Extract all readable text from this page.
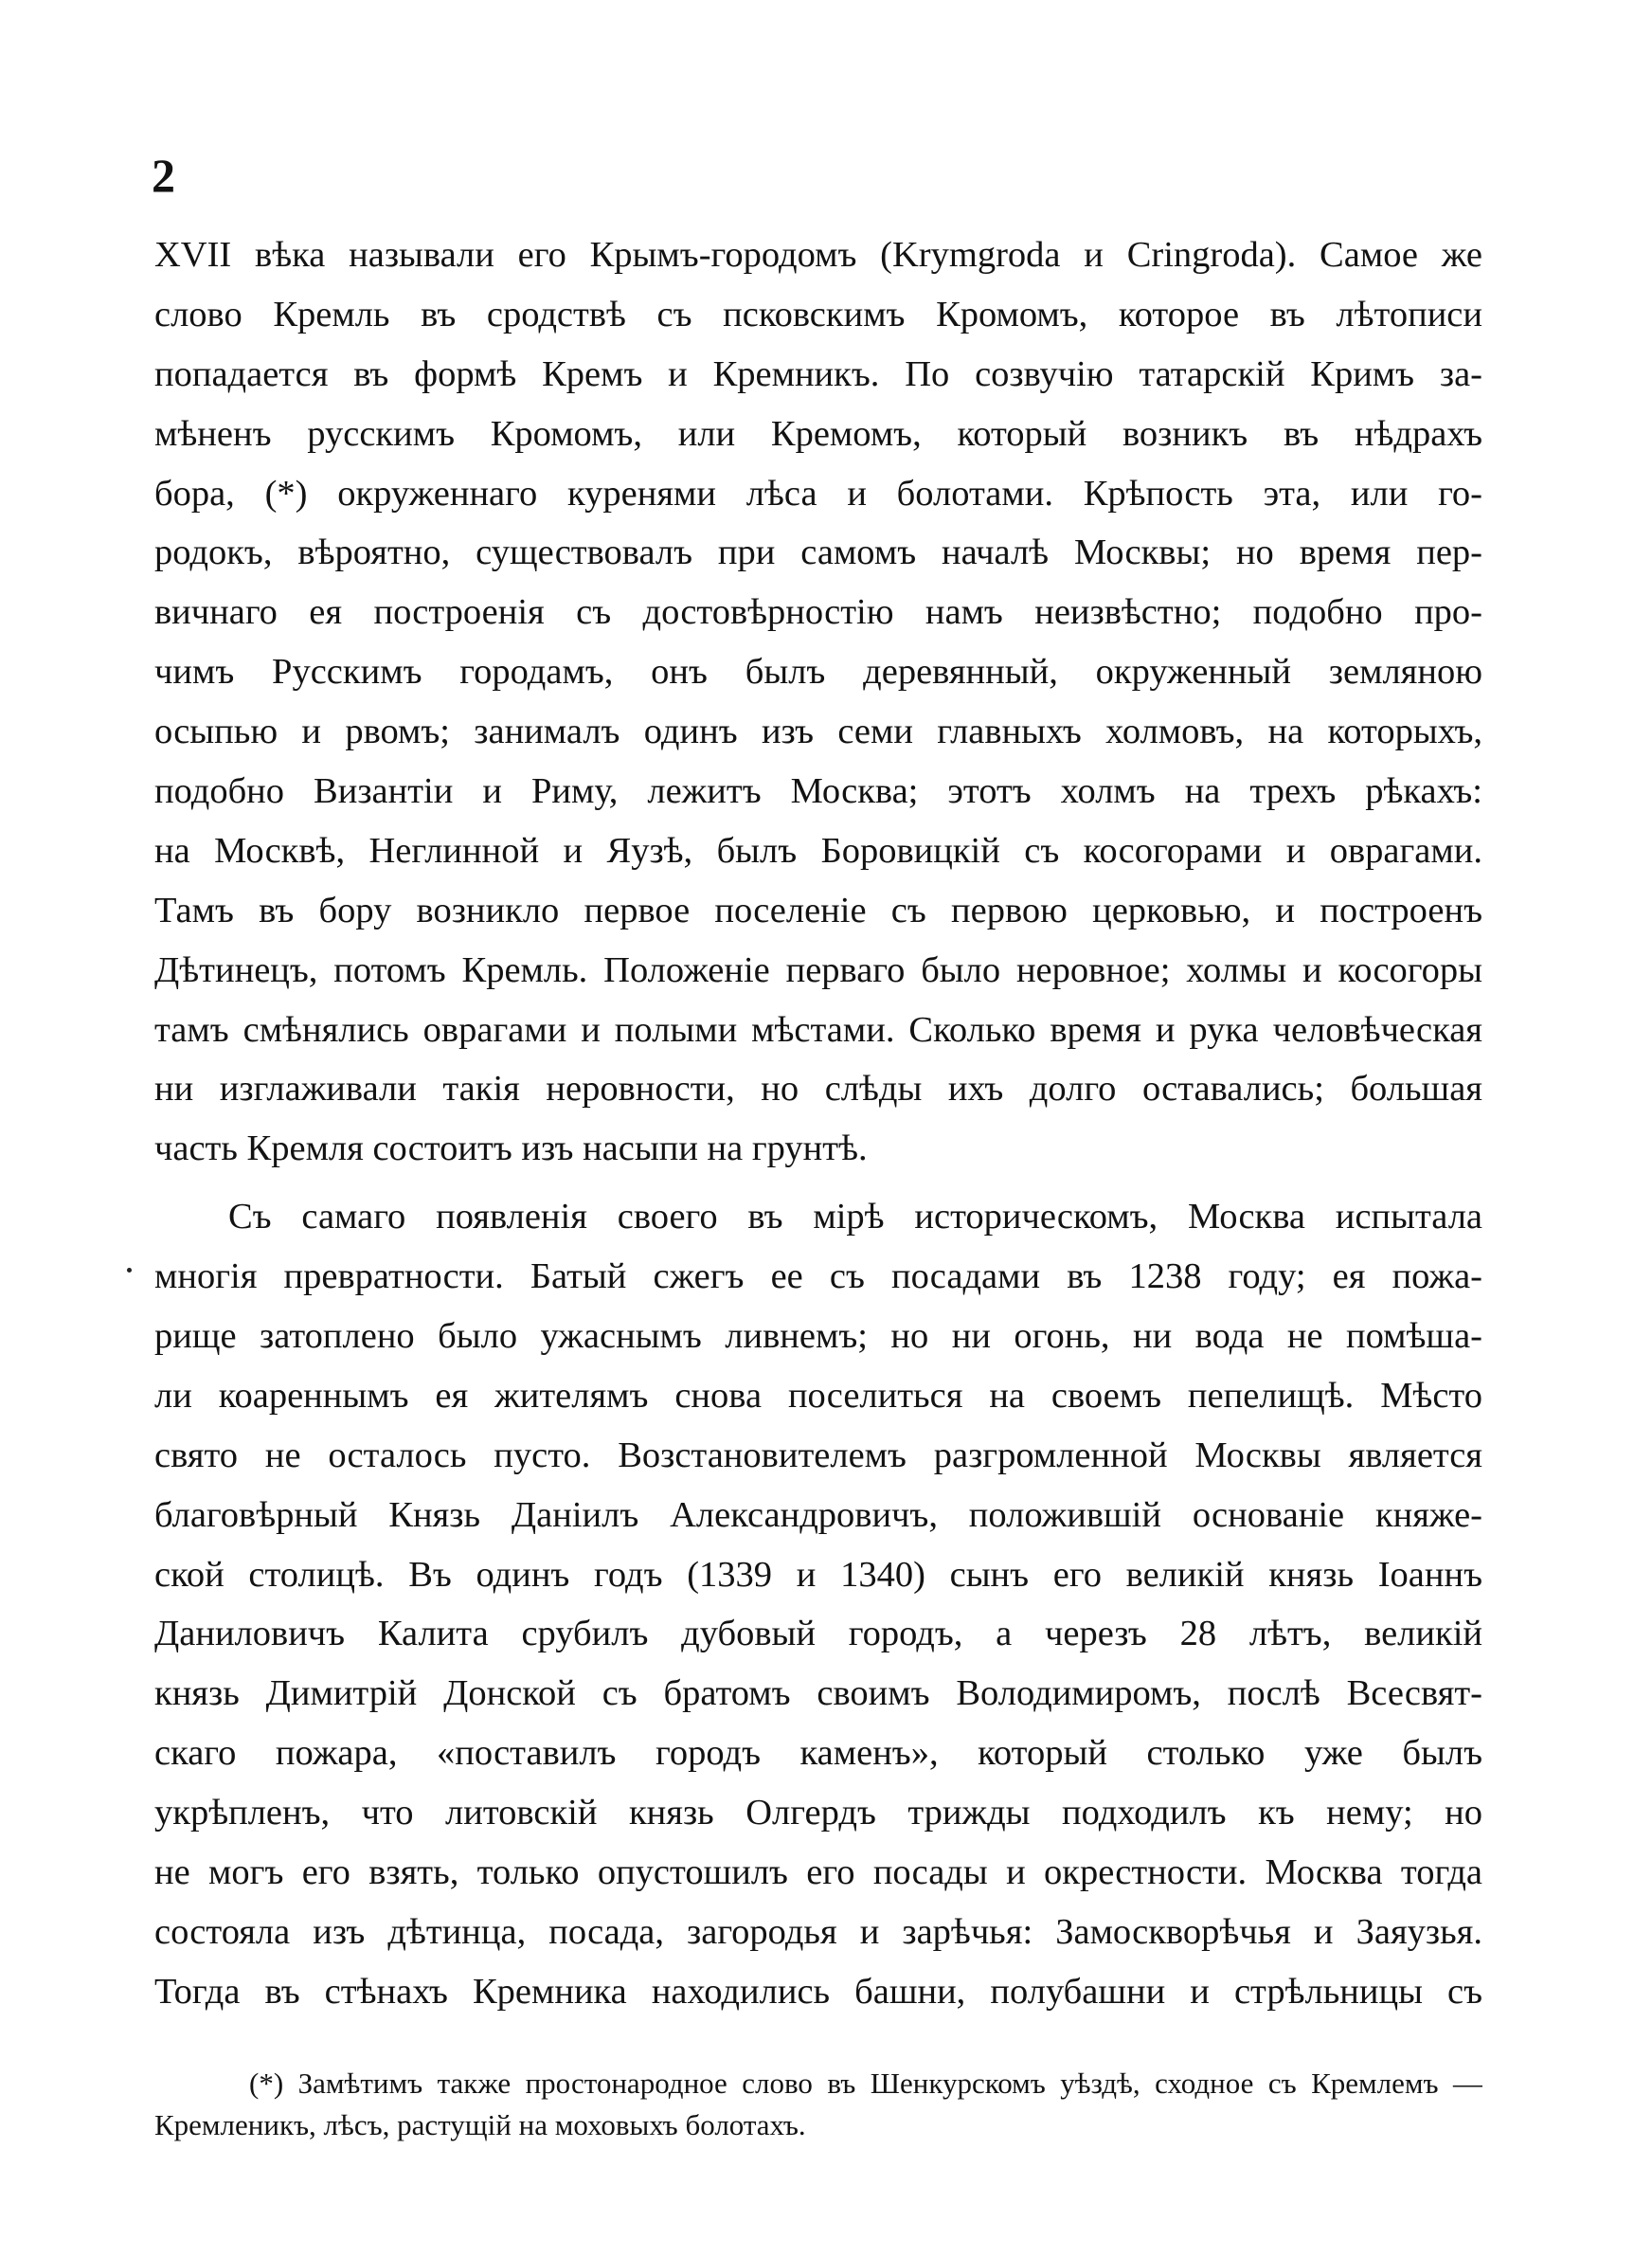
2
XVII вѣка называли его Крымъ-городомъ (Krymgroda и Cringroda). Самое же
слово Кремль въ сродствѣ съ псковскимъ Кромомъ, которое въ лѣтописи
попадается въ формѣ Кремъ и Кремникъ. По созвучію татарскій Кримъ за-
мѣненъ русскимъ Кромомъ, или Кремомъ, который возникъ въ нѣдрахъ
бора, (*) окруженнаго куренями лѣса и болотами. Крѣпость эта, или го-
родокъ, вѣроятно, существовалъ при самомъ началѣ Москвы; но время пер-
вичнаго ея построенія съ достовѣрностію намъ неизвѣстно; подобно про-
чимъ Русскимъ городамъ, онъ былъ деревянный, окруженный земляною
осыпью и рвомъ; занималъ одинъ изъ семи главныхъ холмовъ, на которыхъ,
подобно Византіи и Риму, лежитъ Москва; этотъ холмъ на трехъ рѣкахъ:
на Москвѣ, Неглинной и Яузѣ, былъ Боровицкій съ косогорами и оврагами.
Тамъ въ бору возникло первое поселеніе съ первою церковью, и построенъ
Дѣтинецъ, потомъ Кремль. Положеніе перваго было неровное; холмы и косогоры
тамъ смѣнялись оврагами и полыми мѣстами. Сколько время и рука человѣческая
ни изглаживали такія неровности, но слѣды ихъ долго оставались; большая
часть Кремля состоитъ изъ насыпи на грунтѣ.
Съ самаго появленія своего въ мірѣ историческомъ, Москва испытала
многія превратности. Батый сжегъ ее съ посадами въ 1238 году; ея пожа-
рище затоплено было ужаснымъ ливнемъ; но ни огонь, ни вода не помѣша-
ли коареннымъ ея жителямъ снова поселиться на своемъ пепелищѣ. Мѣсто
свято не осталось пусто. Возстановителемъ разгромленной Москвы является
благовѣрный Князь Даніилъ Александровичъ, положившій основаніе княже-
ской столицѣ. Въ одинъ годъ (1339 и 1340) сынъ его великій князь Іоаннъ
Даниловичъ Калита срубилъ дубовый городъ, а черезъ 28 лѣтъ, великій
князь Димитрій Донской съ братомъ своимъ Володимиромъ, послѣ Всесвят-
скаго пожара, «поставилъ городъ каменъ», который столько уже былъ
укрѣпленъ, что литовскій князь Олгердъ трижды подходилъ къ нему; но
не могъ его взять, только опустошилъ его посады и окрестности. Москва тогда
состояла изъ дѣтинца, посада, загородья и зарѣчья: Замоскворѣчья и Заяузья.
Тогда въ стѣнахъ Кремника находились башни, полубашни и стрѣльницы съ
(*) Замѣтимъ также простонародное слово въ Шенкурскомъ уѣздѣ, сходное съ Кремлемъ —
Кремленикъ, лѣсъ, растущій на моховыхъ болотахъ.
